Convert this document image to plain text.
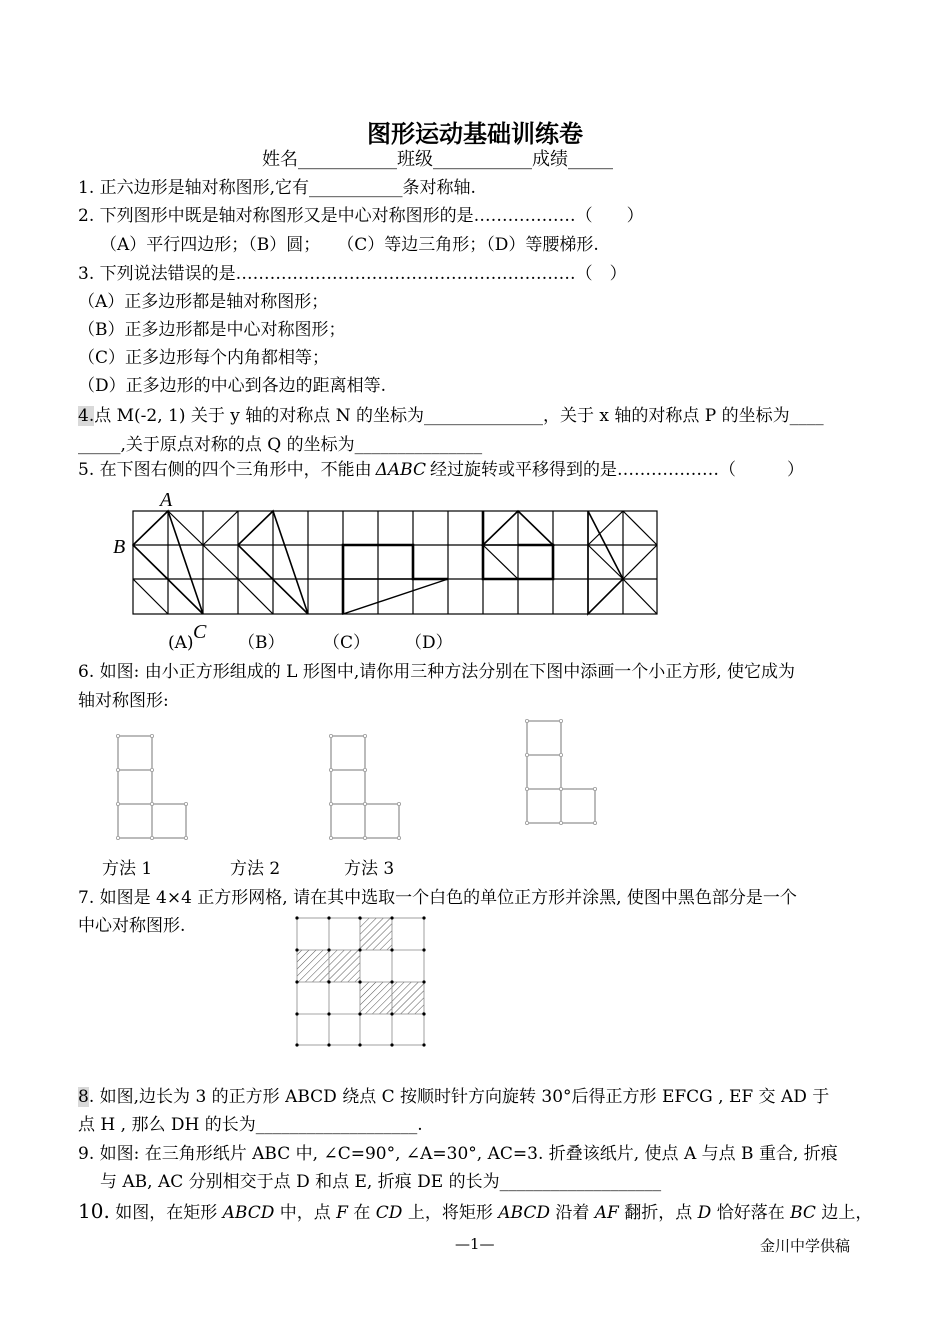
图形运动基础训练卷
姓名___________班级___________成绩_____
1. 正六边形是轴对称图形,它有___________条对称轴.
2. 下列图形中既是轴对称图形又是中心对称图形的是………………（　　）
（A）平行四边形；（B）圆；　　（C）等边三角形；（D）等腰梯形.
3. 下列说法错误的是……………………………………………………（　）
（A）正多边形都是轴对称图形；
（B）正多边形都是中心对称图形；
（C）正多边形每个内角都相等；
（D）正多边形的中心到各边的距离相等.
4.点 M(-2, 1) 关于 y 轴的对称点 N 的坐标为______________，关于 x 轴的对称点 P 的坐标为____
_____,关于原点对称的点 Q 的坐标为_______________
5. 在下图右侧的四个三角形中，不能由 ΔABC 经过旋转或平移得到的是………………（　　　）
A
B
C
(A)	（B） （C） （D）
6. 如图: 由小正方形组成的 L 形图中,请你用三种方法分别在下图中添画一个小正方形, 使它成为
轴对称图形:
方法 1	方法 2	方法 3
7. 如图是 4×4 正方形网格, 请在其中选取一个白色的单位正方形并涂黑, 使图中黑色部分是一个
中心对称图形.
8. 如图,边长为 3 的正方形 ABCD 绕点 C 按顺时针方向旋转 30°后得正方形 EFCG , EF 交 AD 于
点 H , 那么 DH 的长为___________________.
9. 如图: 在三角形纸片 ABC 中, ∠C=90°, ∠A=30°, AC=3. 折叠该纸片, 使点 A 与点 B 重合, 折痕
与 AB, AC 分别相交于点 D 和点 E, 折痕 DE 的长为___________________
10. 如图，在矩形 ABCD 中，点 F 在 CD 上，将矩形 ABCD 沿着 AF 翻折，点 D 恰好落在 BC 边上，
—1—	金川中学供稿
